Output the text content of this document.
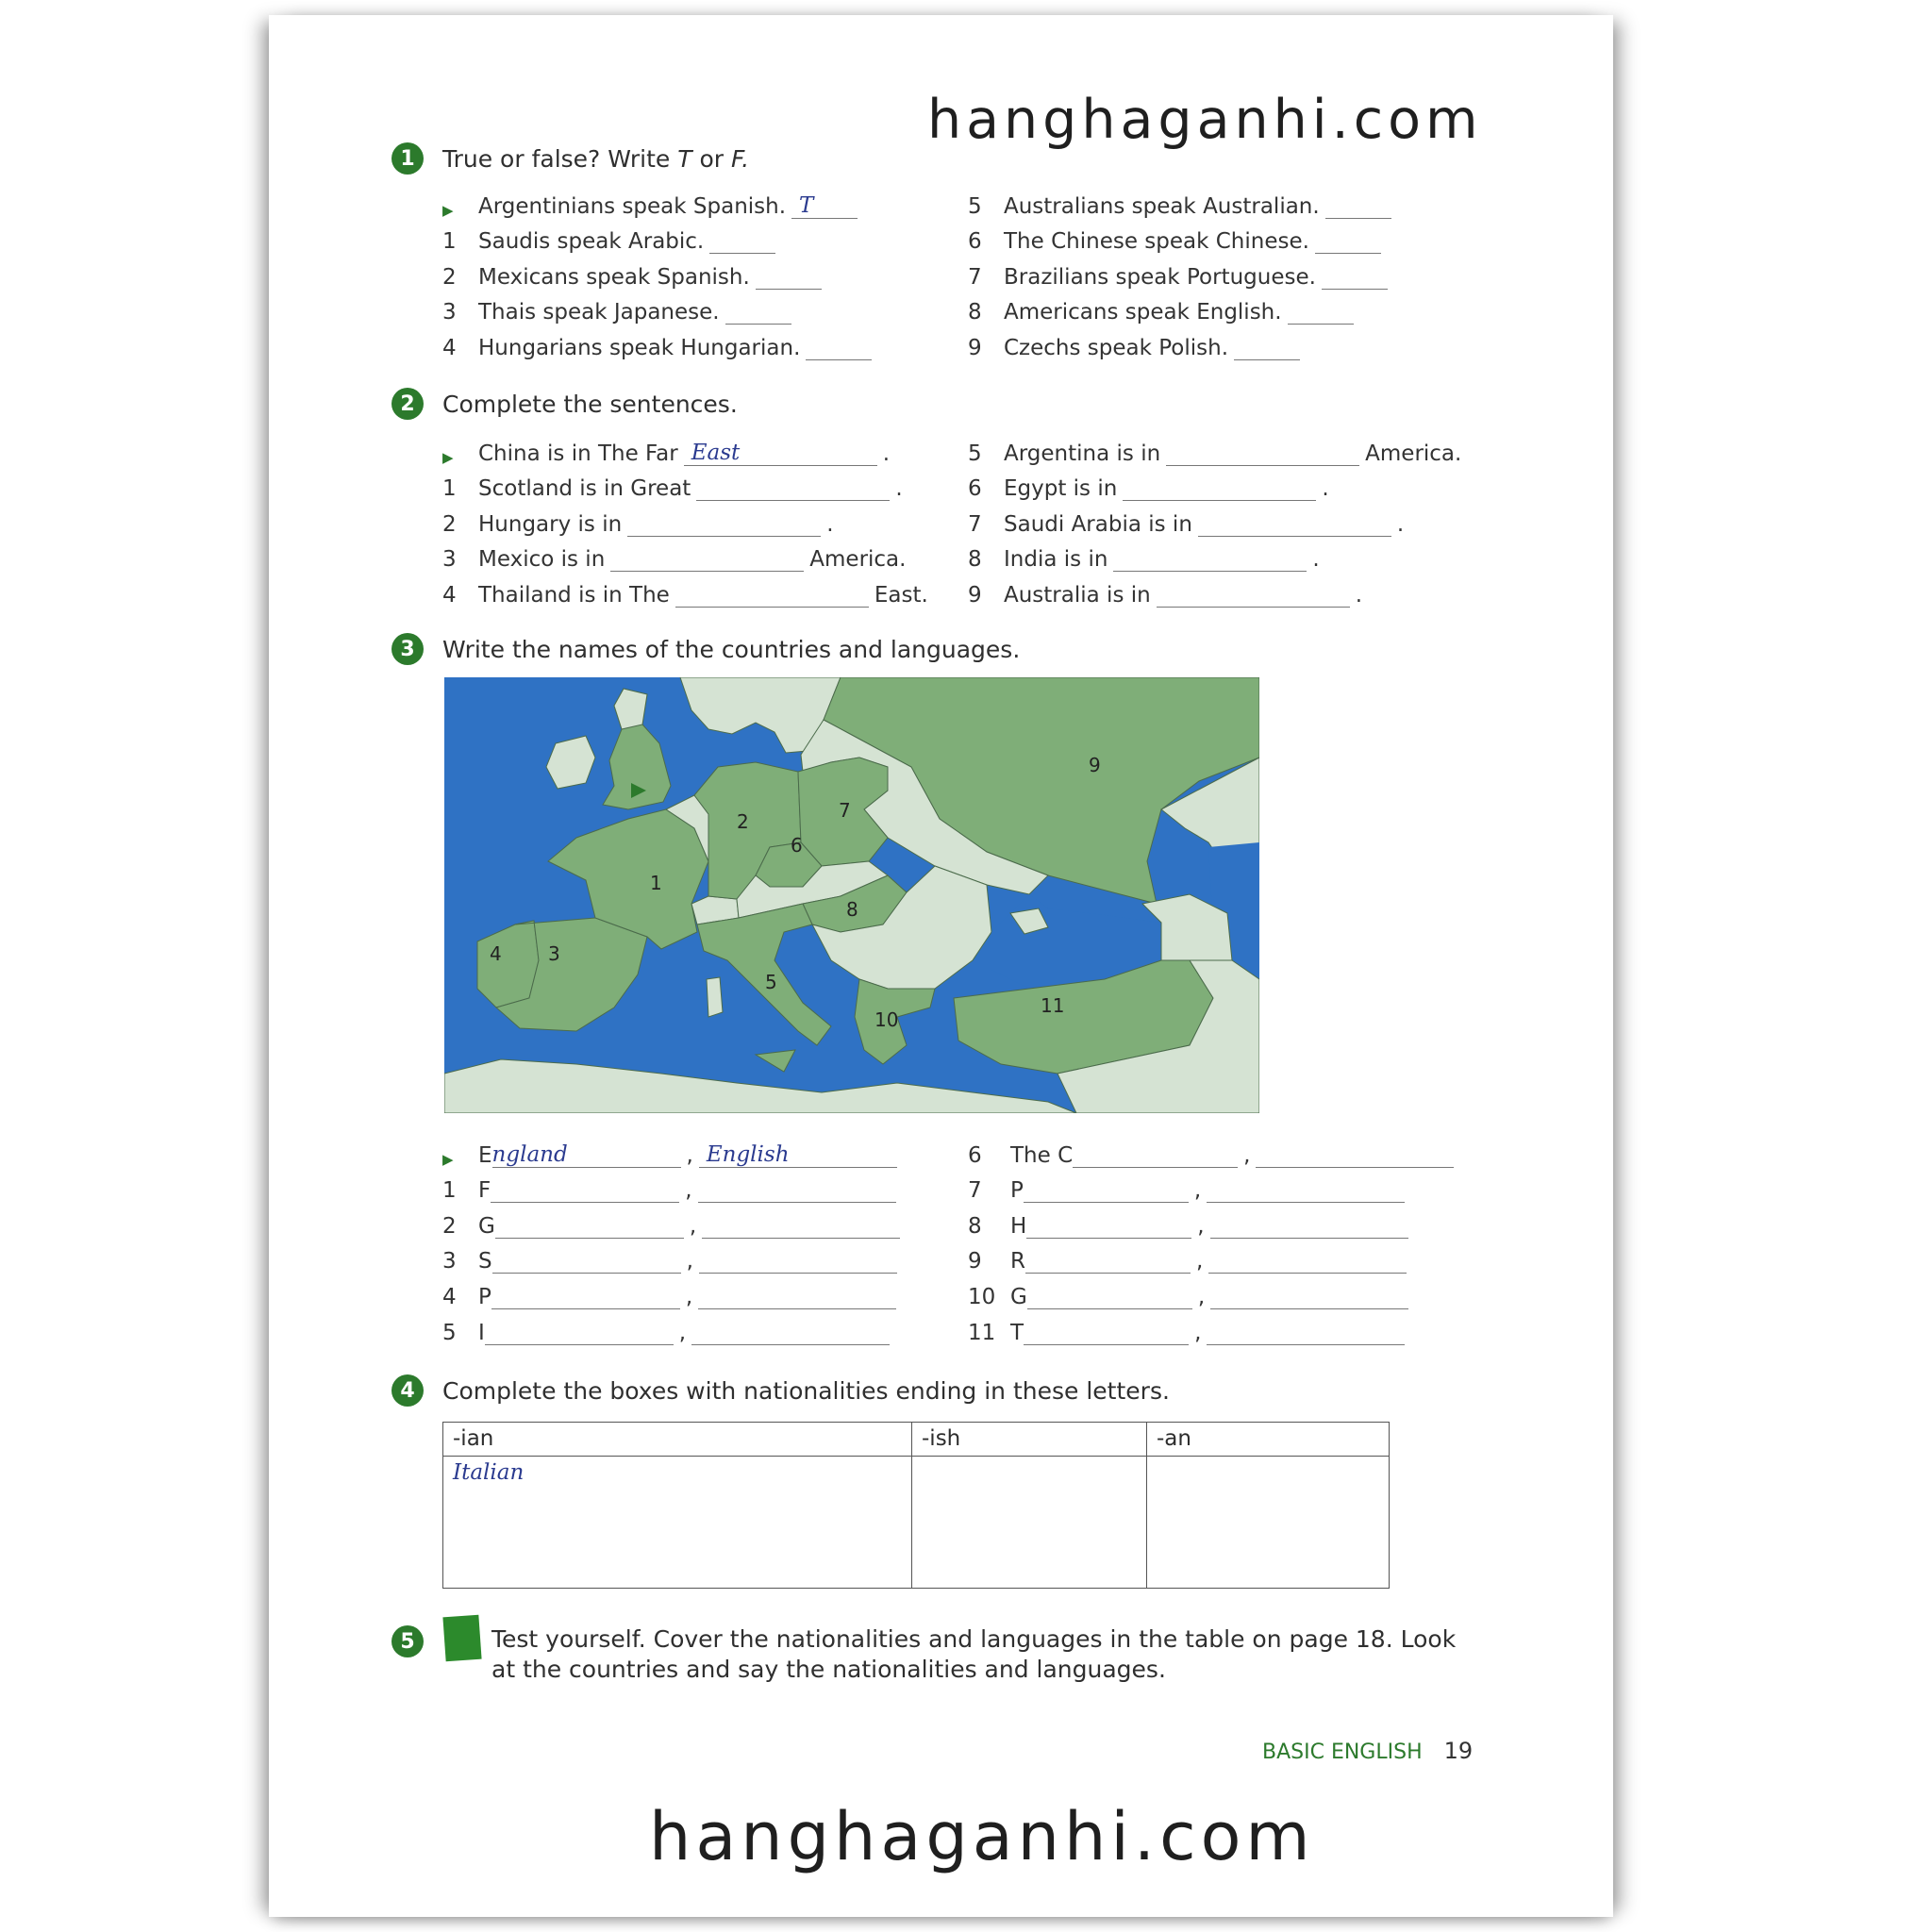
hanghaganhi.com
1	True or false? Write T or F.
▶	Argentinians speak Spanish. T
1	Saudis speak Arabic.
2	Mexicans speak Spanish.
3	Thais speak Japanese.
4	Hungarians speak Hungarian.
5	Australians speak Australian.
6	The Chinese speak Chinese.
7	Brazilians speak Portuguese.
8	Americans speak English.
9	Czechs speak Polish.
2	Complete the sentences.
▶	China is in The Far East	.
1	Scotland is in Great	.
2	Hungary is in	.
3	Mexico is in	America.
4	Thailand is in The	East.
5	Argentina is in	America.
6	Egypt is in	.
7	Saudi Arabia is in	.
8	India is in	.
9	Australia is in	.
3	Write the names of the countries and languages.
1
2
3
4
5
6
7
8
9
10
11
▶	E ngland	, English
1	F	,
2	G	,
3	S	,
4	P	,
5	I	,
6	The C	,
7	P	,
8	H	,
9	R	,
10 G	,
11 T	,
4	Complete the boxes with nationalities ending in these letters.
-ian	-ish	-an
Italian		
5	Test yourself. Cover the nationalities and languages in the table on page 18. Look
at the countries and say the nationalities and languages.
BASIC ENGLISH 19
hanghaganhi.com
